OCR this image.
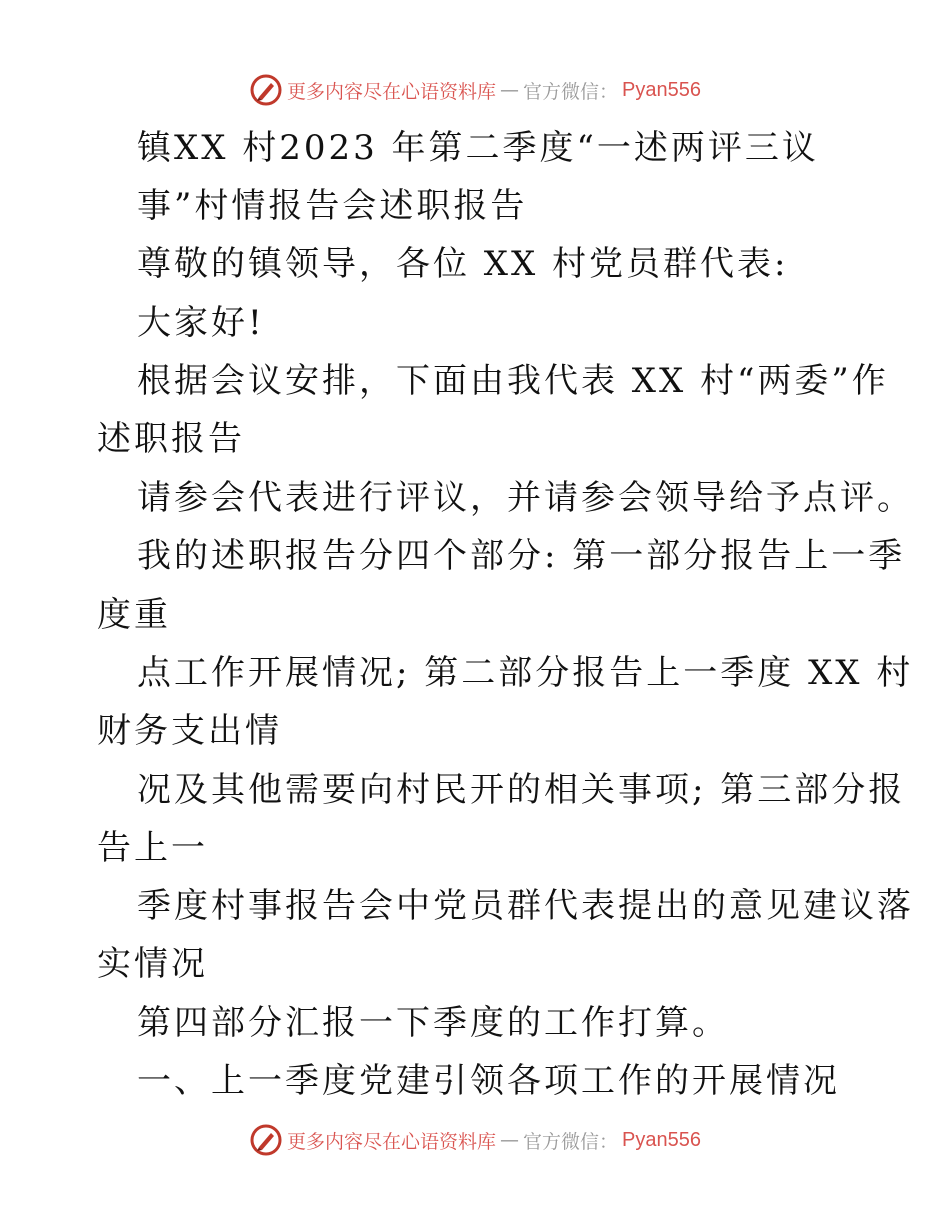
更多内容尽在心语资料库 — 官方微信： Pyan556
镇XX 村2023 年第二季度“一述两评三议
事”村情报告会述职报告
尊敬的镇领导，各位 XX 村党员群代表:
大家好!
根据会议安排，下面由我代表 XX 村“两委”作
述职报告
请参会代表进行评议，并请参会领导给予点评。
我的述职报告分四个部分: 第一部分报告上一季
度重
点工作开展情况; 第二部分报告上一季度 XX 村
财务支出情
况及其他需要向村民开的相关事项; 第三部分报
告上一
季度村事报告会中党员群代表提出的意见建议落
实情况
第四部分汇报一下季度的工作打算。
一、上一季度党建引领各项工作的开展情况
更多内容尽在心语资料库 — 官方微信： Pyan556
